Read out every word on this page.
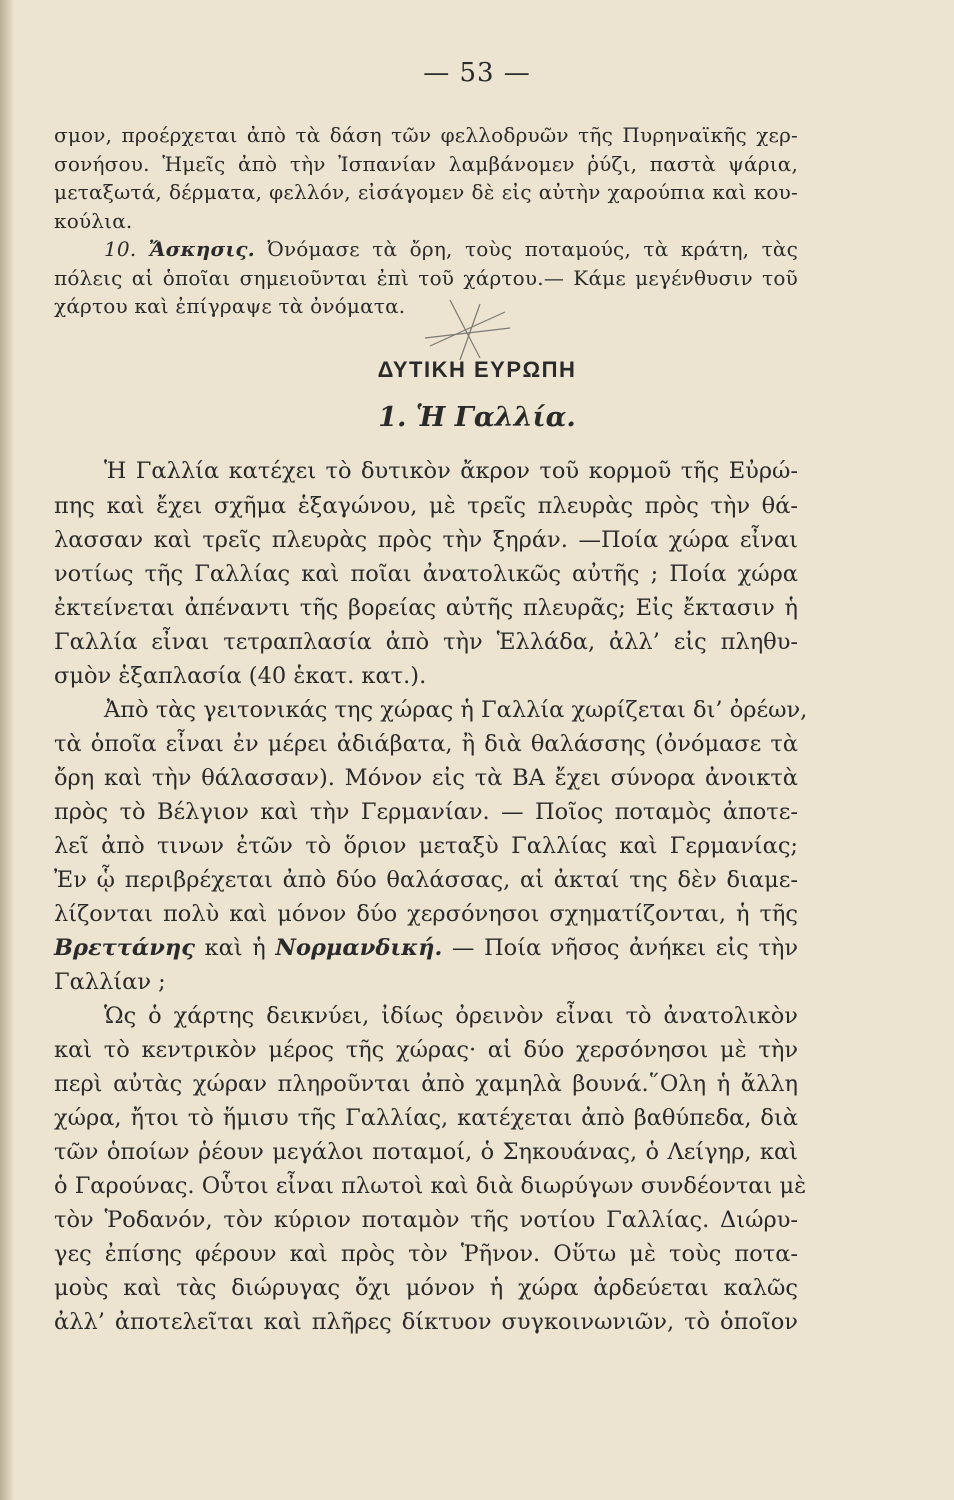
— 53 —
σμον, προέρχεται ἀπὸ τὰ δάση τῶν φελλοδρυῶν τῆς Πυρηναϊκῆς χερ-
σονήσου. Ἡμεῖς ἀπὸ τὴν Ἰσπανίαν λαμβάνομεν ῥύζι, παστὰ ψάρια,
μεταξωτά, δέρματα, φελλόν, εἰσάγομεν δὲ εἰς αὐτὴν χαρούπια καὶ κου-
κούλια.
10. Ἄσκησις. Ὀνόμασε τὰ ὄρη, τοὺς ποταμούς, τὰ κράτη, τὰς
πόλεις αἱ ὁποῖαι σημειοῦνται ἐπὶ τοῦ χάρτου.— Κάμε μεγένθυσιν τοῦ
χάρτου καὶ ἐπίγραψε τὰ ὀνόματα.
ΔΥΤΙΚΗ ΕΥΡΩΠΗ
1. Ἡ Γαλλία.
Ἡ Γαλλία κατέχει τὸ δυτικὸν ἄκρον τοῦ κορμοῦ τῆς Εὐρώ-
πης καὶ ἔχει σχῆμα ἑξαγώνου, μὲ τρεῖς πλευρὰς πρὸς τὴν θά-
λασσαν καὶ τρεῖς πλευρὰς πρὸς τὴν ξηράν. —Ποία χώρα εἶναι
νοτίως τῆς Γαλλίας καὶ ποῖαι ἀνατολικῶς αὐτῆς ; Ποία χώρα
ἐκτείνεται ἀπέναντι τῆς βορείας αὐτῆς πλευρᾶς; Εἰς ἔκτασιν ἡ
Γαλλία εἶναι τετραπλασία ἀπὸ τὴν Ἑλλάδα, ἀλλ’ εἰς πληθυ-
σμὸν ἑξαπλασία (40 ἑκατ. κατ.).
Ἀπὸ τὰς γειτονικάς της χώρας ἡ Γαλλία χωρίζεται δι’ ὀρέων,
τὰ ὁποῖα εἶναι ἐν μέρει ἀδιάβατα, ἢ διὰ θαλάσσης (ὀνόμασε τὰ
ὄρη καὶ τὴν θάλασσαν). Μόνον εἰς τὰ ΒΑ ἔχει σύνορα ἀνοικτὰ
πρὸς τὸ Βέλγιον καὶ τὴν Γερμανίαν. — Ποῖος ποταμὸς ἀποτε-
λεῖ ἀπὸ τινων ἐτῶν τὸ ὅριον μεταξὺ Γαλλίας καὶ Γερμανίας;
Ἐν ᾧ περιβρέχεται ἀπὸ δύο θαλάσσας, αἱ ἀκταί της δὲν διαμε-
λίζονται πολὺ καὶ μόνον δύο χερσόνησοι σχηματίζονται, ἡ τῆς
Βρεττάνης καὶ ἡ Νορμανδική. — Ποία νῆσος ἀνήκει εἰς τὴν
Γαλλίαν ;
Ὡς ὁ χάρτης δεικνύει, ἰδίως ὀρεινὸν εἶναι τὸ ἀνατολικὸν
καὶ τὸ κεντρικὸν μέρος τῆς χώρας· αἱ δύο χερσόνησοι μὲ τὴν
περὶ αὐτὰς χώραν πληροῦνται ἀπὸ χαμηλὰ βουνά.῞Ολη ἡ ἄλλη
χώρα, ἤτοι τὸ ἥμισυ τῆς Γαλλίας, κατέχεται ἀπὸ βαθύπεδα, διὰ
τῶν ὁποίων ῥέουν μεγάλοι ποταμοί, ὁ Σηκουάνας, ὁ Λείγηρ, καὶ
ὁ Γαρούνας. Οὗτοι εἶναι πλωτοὶ καὶ διὰ διωρύγων συνδέονται μὲ
τὸν Ῥοδανόν, τὸν κύριον ποταμὸν τῆς νοτίου Γαλλίας. Διώρυ-
γες ἐπίσης φέρουν καὶ πρὸς τὸν Ῥῆνον. Οὕτω μὲ τοὺς ποτα-
μοὺς καὶ τὰς διώρυγας ὄχι μόνον ἡ χώρα ἀρδεύεται καλῶς
ἀλλ’ ἀποτελεῖται καὶ πλῆρες δίκτυον συγκοινωνιῶν, τὸ ὁποῖον
